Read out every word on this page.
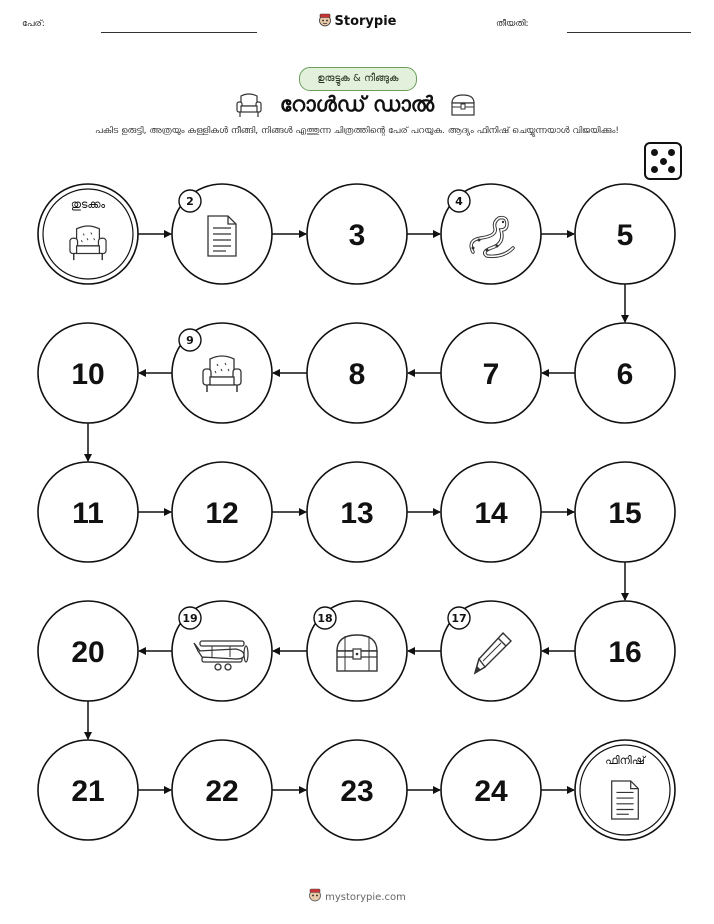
പേര്:	Storypie	തീയതി:
ഉരുട്ടുക & നീങ്ങുക
റോൾഡ് ഡാൽ
പകിട ഉരുട്ടി, അത്രയും കള്ളികൾ നീങ്ങി, നിങ്ങൾ എത്തുന്ന ചിത്രത്തിന്റെ പേര് പറയുക. ആദ്യം ഫിനിഷ് ചെയ്യുന്നയാൾ വിജയിക്കും!
തുടക്കം	2
3
4
5
6
7
8
9
10
11	12	13	14	15
16
17
18
19
20
21	22	23	24
ഫിനിഷ്
mystorypie.com
